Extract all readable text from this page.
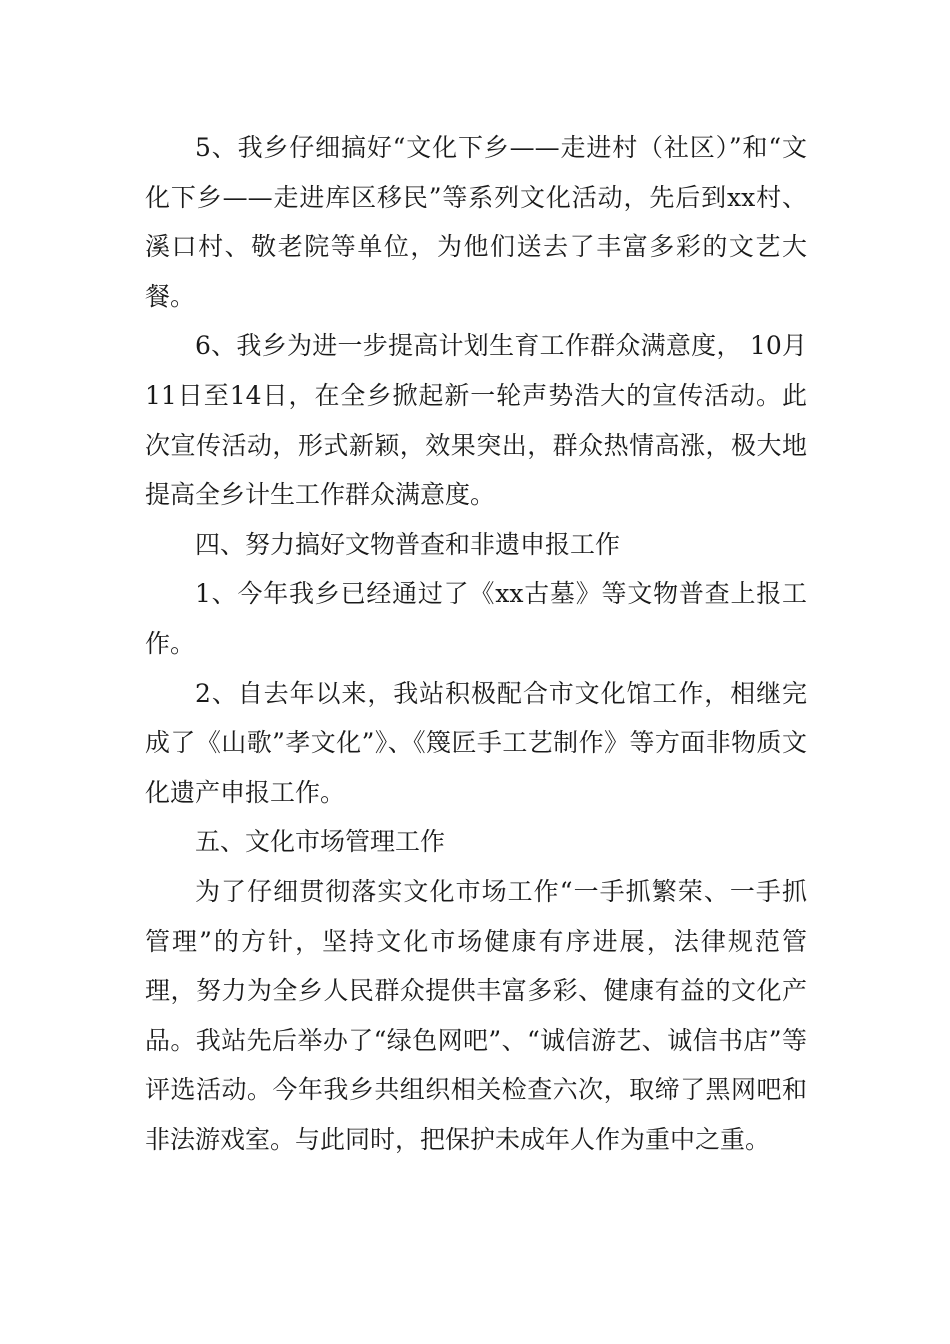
5、我乡仔细搞好“文化下乡——走进村（社区）”和“文化下乡——走进库区移民”等系列文化活动，先后到xx村、溪口村、敬老院等单位，为他们送去了丰富多彩的文艺大餐。

6、我乡为进一步提高计划生育工作群众满意度， 10月11日至14日，在全乡掀起新一轮声势浩大的宣传活动。此次宣传活动，形式新颖，效果突出，群众热情高涨，极大地提高全乡计生工作群众满意度。

四、努力搞好文物普查和非遗申报工作

1、今年我乡已经通过了《xx古墓》等文物普查上报工作。

2、自去年以来，我站积极配合市文化馆工作，相继完成了《山歌”孝文化”》、《篾匠手工艺制作》等方面非物质文化遗产申报工作。

五、文化市场管理工作

为了仔细贯彻落实文化市场工作“一手抓繁荣、一手抓管理”的方针，坚持文化市场健康有序进展，法律规范管理，努力为全乡人民群众提供丰富多彩、健康有益的文化产品。我站先后举办了“绿色网吧”、“诚信游艺、诚信书店”等评选活动。今年我乡共组织相关检查六次，取缔了黑网吧和非法游戏室。与此同时，把保护未成年人作为重中之重。
